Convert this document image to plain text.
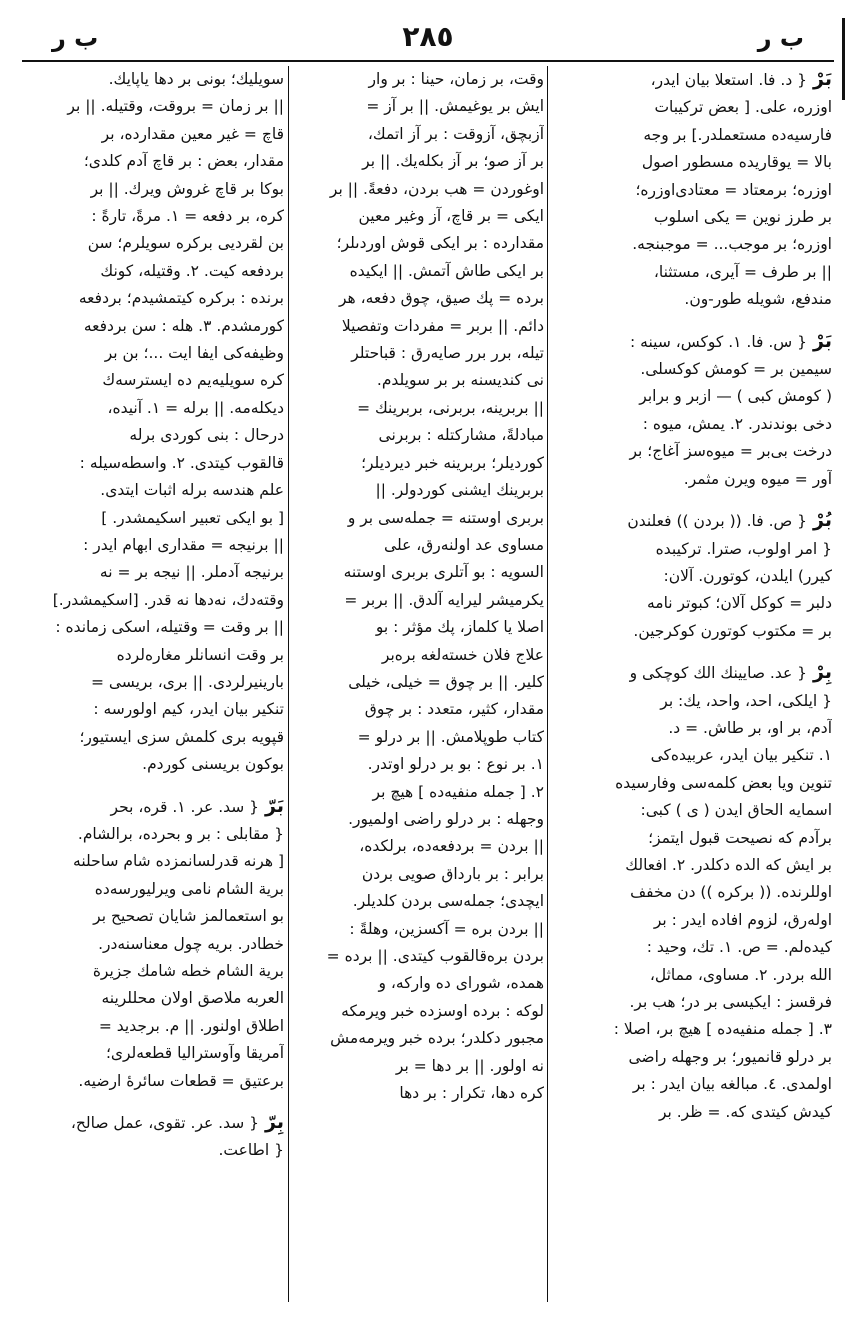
ب ر
٢٨٥
ب ر
بَرْ{ د. فا. استعلا بيان ايدر،
اوزره، على. [ بعض تركيبات
فارسيه‌ده مستعملدر.] بر وجه
بالا = يوقاريده مسطور اصول
اوزره؛ برمعتاد = معتادى‌اوزره؛
بر طرز نوين = يكى اسلوب
اوزره؛ بر موجب... = موجبنجه.
|| بر طرف = آيرى، مستثنا،
مندفع، شويله طور-ون.
بَرْ{ س. فا. ١. كوكس، سينه :
سيمين بر = كومش كوكسلى.
( كومش كبى ) — ازبر و برابر
دخى بوندندر. ٢. يمش، ميوه :
درخت بى‌بر = ميوه‌سز آغاج؛ بر
آور = ميوه ويرن مثمر.
بُرْ{ ص. فا. (( بردن )) فعلندن
{ امر اولوب، صترا. تركيبده
كيرر) ايلدن، كوتورن. آلان:
دلبر = كوكل آلان؛ كبوتر نامه
بر = مكتوب كوتورن كوكرجين.
بِرْ{ عد. صايينك الك كوچكى و
{ ايلكى، احد، واحد، يك: بر
آدم، بر او، بر طاش. = د.
١. تنكير بيان ايدر، عربيده‌كى
تنوين ويا بعض كلمه‌سى وفارسيده
اسمايه الحاق ايدن ( ى ) كبى:
برآدم كه نصيحت قبول ايتمز؛
بر ايش كه الده دكلدر. ٢. افعالك
اوللرنده. (( بركره )) دن مخفف
اولەرق، لزوم افاده ايدر : بر
كيده‌لم. = ص. ١. تك، وحيد :
الله بردر. ٢. مساوى، مماثل،
فرقسز : ايكيسى بر در؛ هب بر.
٣. [ جمله منفيه‌ده ] هيچ بر، اصلا :
بر درلو قانميور؛ بر وجهله راضى
اولمدى. ٤. مبالغه بيان ايدر : بر
كيدش كيتدى كه. = ظر. بر
وقت، بر زمان، حينا : بر وار
ايش بر يوغيمش. || بر آز =
آزبچق، آزوقت : بر آز اتمك،
بر آز صو؛ بر آز بكله‌يك. || بر
اوغوردن = هب بردن، دفعةً. || بر
ايكى = بر قاچ، آز وغير معين
مقدارده : بر ايكى قوش اوردىلر؛
بر ايكى طاش آتمش. || ايكيده
برده = پك صيق، چوق دفعه، هر
دائم. || بربر = مفردات وتفصيلا
تيله، برر برر صايه‌رق : قباحتلر
نى كنديسنه بر بر سويلدم.
|| بربرينه، بربرنى، بربرينك =
مبادلةً، مشاركتله : بربرنى
كورديلر؛ بربرينه خبر ديرديلر؛
بربرينك ايشنى كوردولر. ||
بربرى اوستنه = جمله‌سى بر و
مساوى عد اولنه‌رق، على
السويه : بو آتلرى بربرى اوستنه
يكرميشر ليرايه آلدق. || بربر =
اصلا يا كلماز، پك مؤثر : بو
علاج فلان خسته‌لغه بره‌بر
كلير. || بر چوق = خيلى، خيلى
مقدار، كثير، متعدد : بر چوق
كتاب طوپلامش. || بر درلو =
١. بر نوع : بو بر درلو اوتدر.
٢. [ جمله منفيه‌ده ] هيچ بر
وجهله : بر درلو راضى اولميور.
|| بردن = بردفعه‌ده، برلكده،
برابر : بر بارداق صويى بردن
ايچدى؛ جمله‌سى بردن كلديلر.
|| بردن بره = آكسزين، وهلةً :
بردن بره‌قالقوب كيتدى. || برده =
همده، شوراى ده واركه، و
لوكه : برده اوسزده خبر ويرمكه
مجبور دكلدر؛ برده خبر ويرمه‌مش
نه اولور. || بر دها = بر
كره دها، تكرار : بر دها
سويليك؛ بونى بر دها ياپايك.
|| بر زمان = بروقت، وقتيله. || بر
قاچ = غير معين مقدارده، بر
مقدار، بعض : بر قاچ آدم كلدى؛
بوكا بر قاچ غروش ويرك. || بر
كره، بر دفعه = ١. مرةً، تارةً :
بن لقرديى بركره سويلرم؛ سن
بردفعه كيت. ٢. وقتيله، كونك
برنده : بركره كيتمشيدم؛ بردفعه
كورمشدم. ٣. هله : سن بردفعه
وظيفه‌كى ايفا ايت ...؛ بن بر
كره سويليه‌يم ده ايسترسه‌ك
ديكله‌مه. || برله = ١. آنيده،
درحال : بنى كوردى برله
قالقوب كيتدى. ٢. واسطه‌سيله :
علم هندسه برله اثبات ايتدى.
[ بو ايكى تعبير اسكيمشدر. ]
|| برنيجه = مقدارى ابهام ايدر :
برنيجه آدملر. || نيجه بر = نه
وقته‌دك، نه‌دها نه قدر. [اسكيمشدر.]
|| بر وقت = وقتيله، اسكى زمانده :
بر وقت انسانلر مغاره‌لرده
بارينيرلردى. || برى، بريسى =
تنكير بيان ايدر، كيم اولورسه :
قپويه برى كلمش‌ سزى ايستيور؛
بوكون بريسنى كوردم.
بَرّ{ سد. عر. ١. قره، بحر
{ مقابلى : بر و بحرده، برالشام.
[ هرنه قدرلسانمزده شام ساحلنه
برية الشام نامى ويرليورسه‌ده
بو استعمالمز شايان تصحيح بر
خطادر. بريه چول معناسنه‌در.
برية الشام خطه شامك جزيرة
العربه ملاصق اولان محللرينه
اطلاق اولنور. || م. برجديد =
آمريقا وآوسترالیا قطعه‌لرى؛
برعتيق = قطعات سائرهٔ ارضيه.
بِرّ{ سد. عر. تقوى، عمل صالح،
{ اطاعت.
